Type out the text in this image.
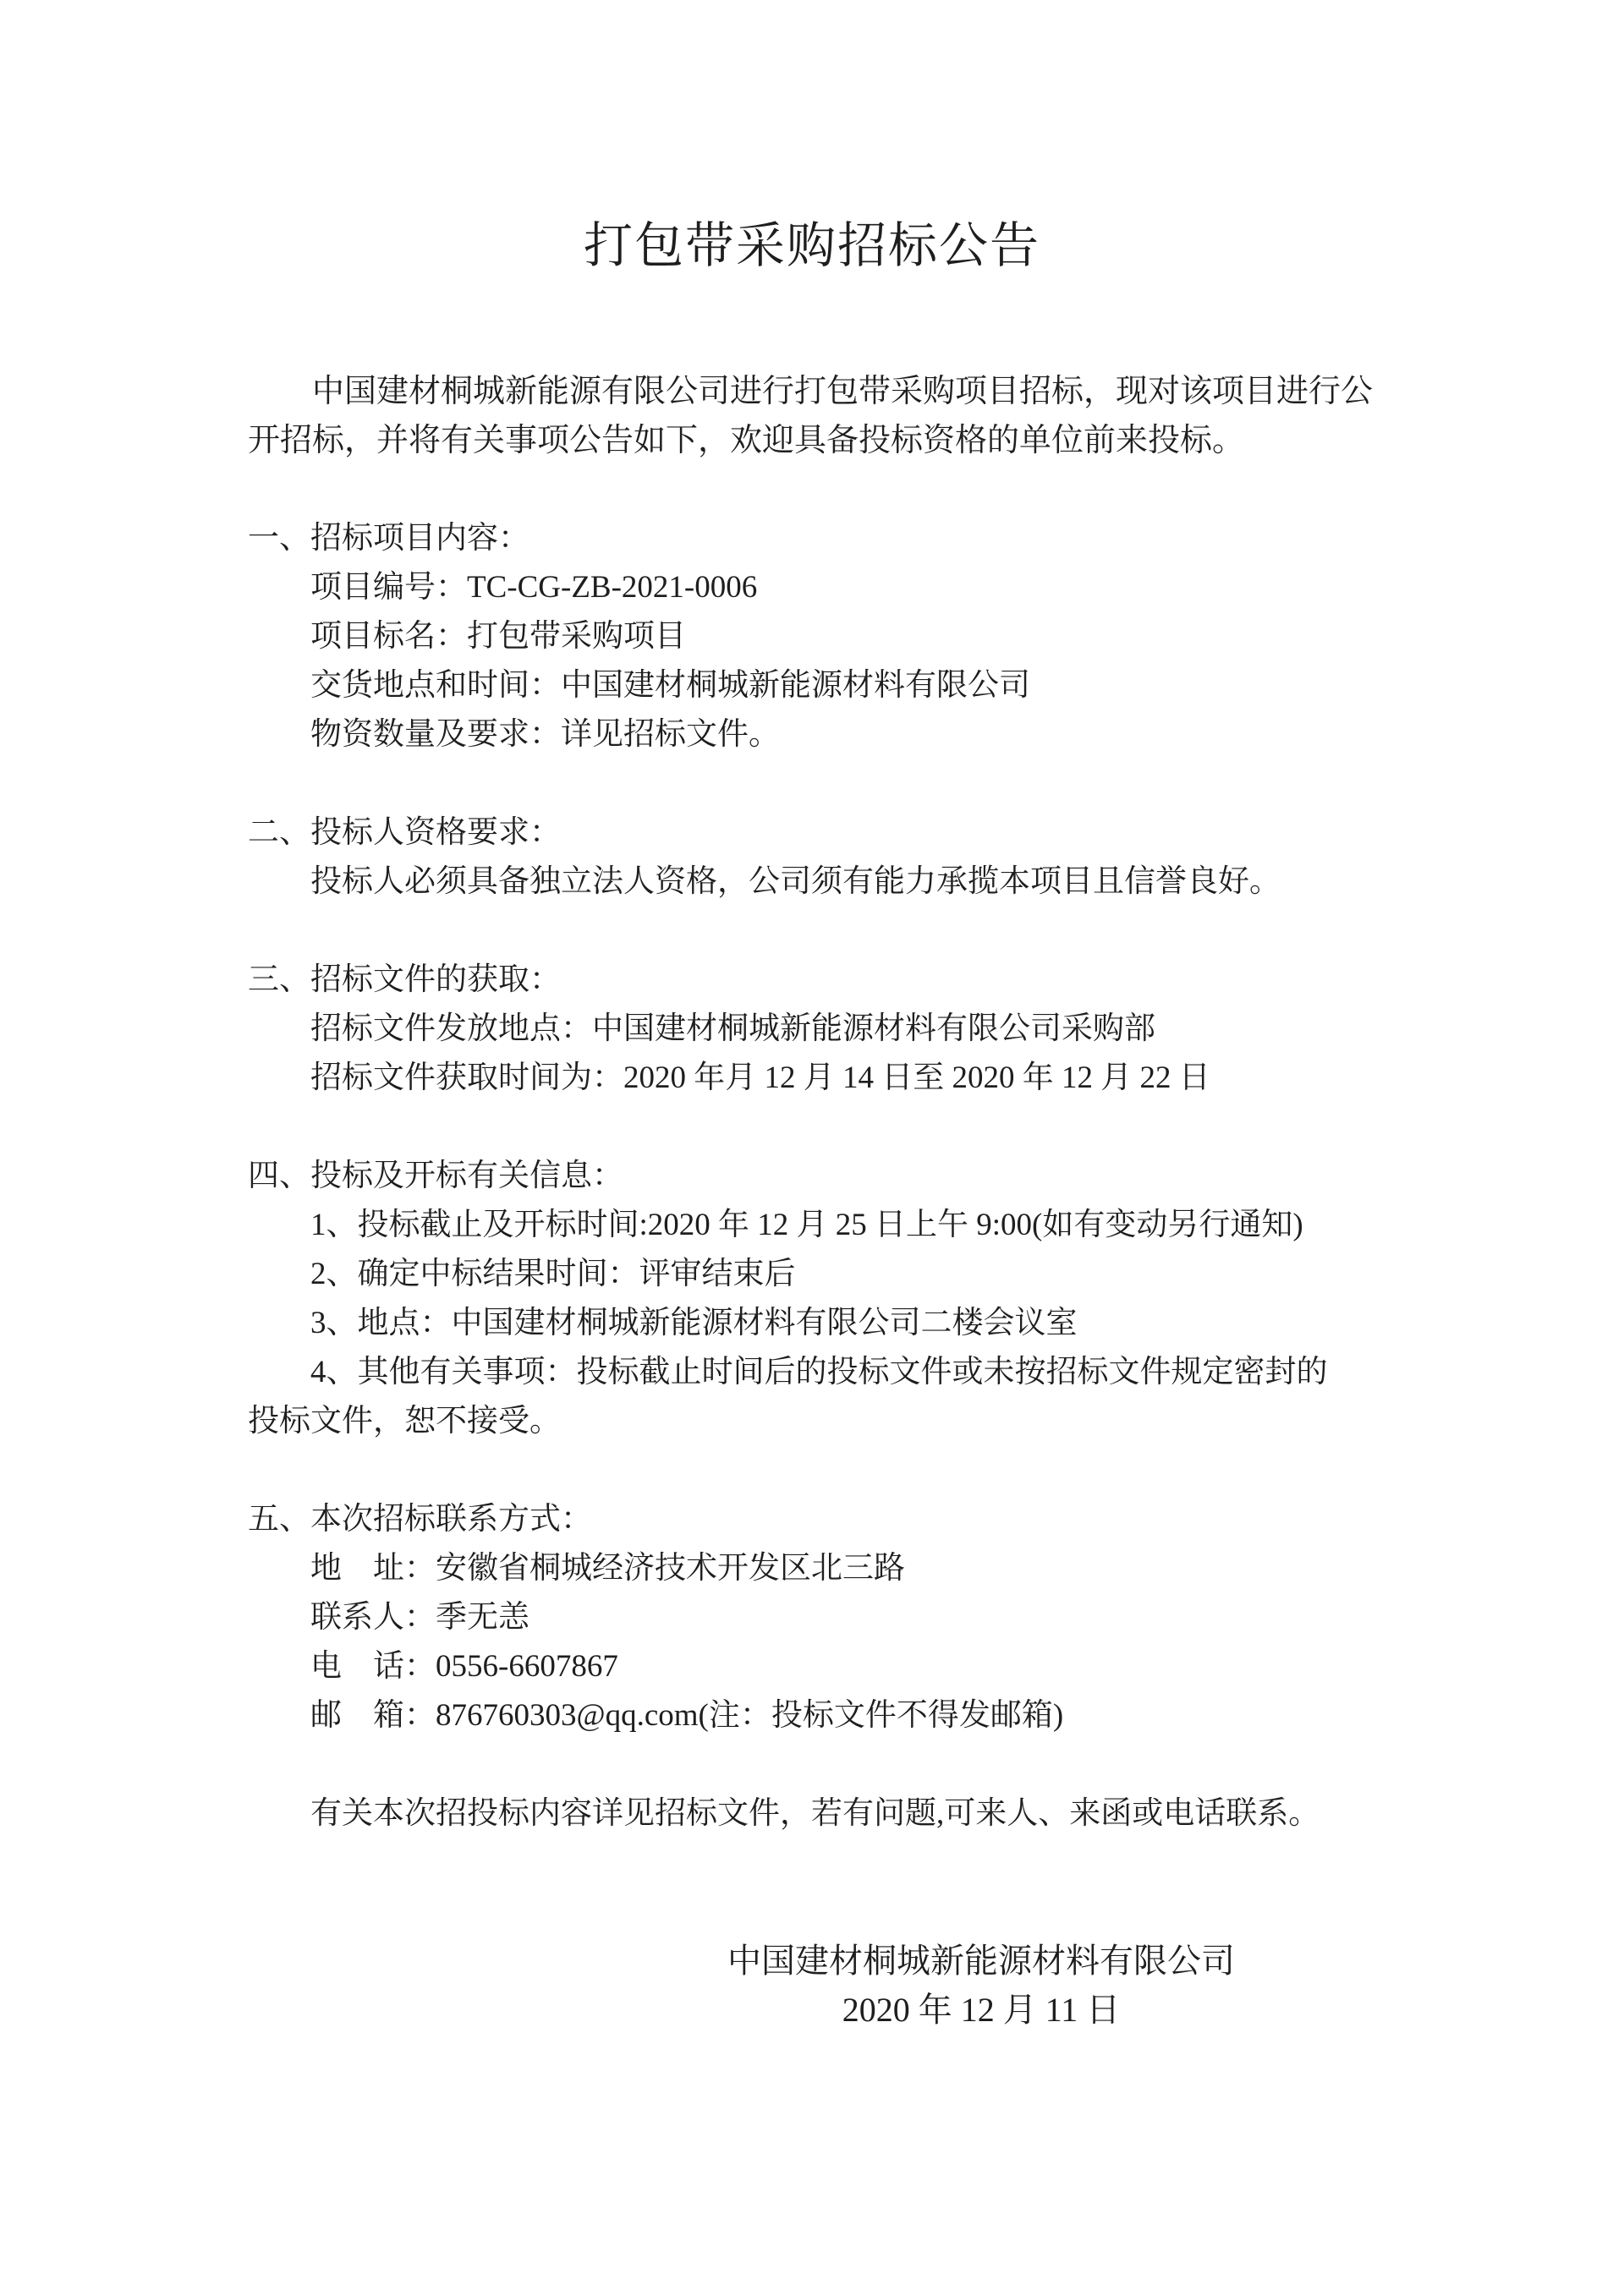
打包带采购招标公告
中国建材桐城新能源有限公司进行打包带采购项目招标，现对该项目进行公
开招标，并将有关事项公告如下，欢迎具备投标资格的单位前来投标。
一、招标项目内容：
项目编号：TC-CG-ZB-2021-0006
项目标名：打包带采购项目
交货地点和时间：中国建材桐城新能源材料有限公司
物资数量及要求：详见招标文件。
二、投标人资格要求：
投标人必须具备独立法人资格，公司须有能力承揽本项目且信誉良好。
三、招标文件的获取：
招标文件发放地点：中国建材桐城新能源材料有限公司采购部
招标文件获取时间为：2020 年月 12 月 14 日至 2020 年 12 月 22 日
四、投标及开标有关信息：
1、投标截止及开标时间:2020 年 12 月 25 日上午 9:00(如有变动另行通知)
2、确定中标结果时间：评审结束后
3、地点：中国建材桐城新能源材料有限公司二楼会议室
4、其他有关事项：投标截止时间后的投标文件或未按招标文件规定密封的
投标文件，恕不接受。
五、本次招标联系方式：
地　址：安徽省桐城经济技术开发区北三路
联系人：季无恙
电　话：0556-6607867
邮　箱：876760303@qq.com(注：投标文件不得发邮箱)
有关本次招投标内容详见招标文件，若有问题,可来人、来函或电话联系。
中国建材桐城新能源材料有限公司
2020 年 12 月 11 日
